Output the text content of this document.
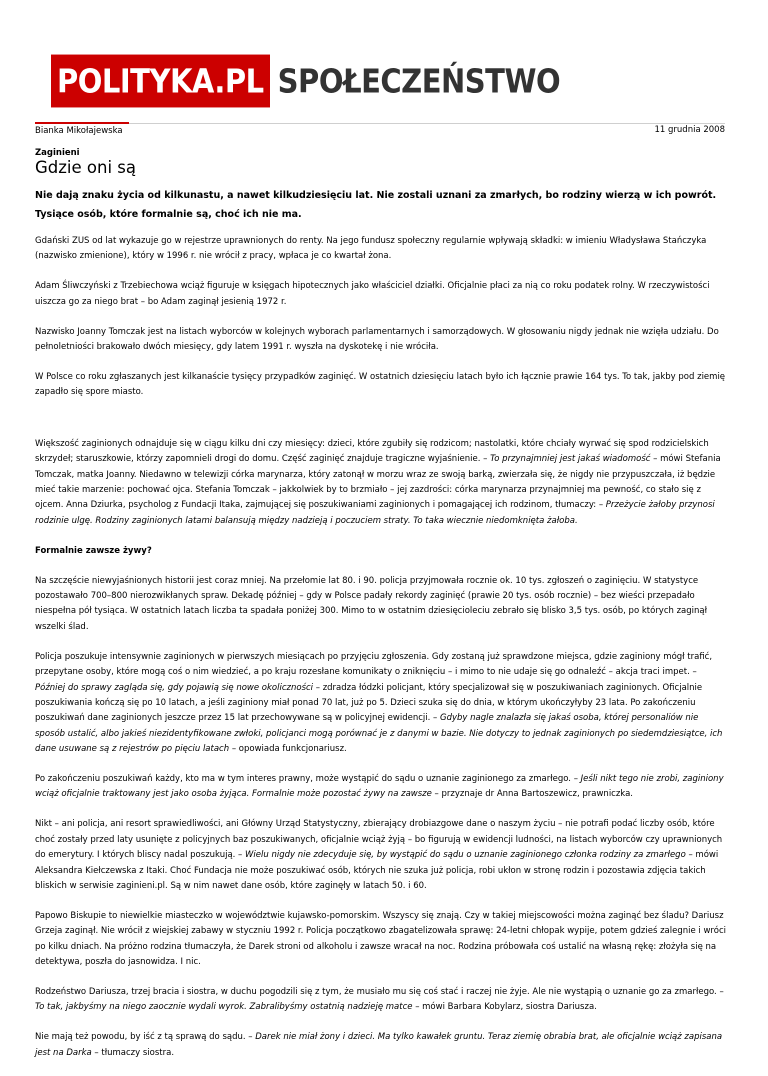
POLITYKA.PL SPOŁECZEŃSTWO
Bianka Mikołajewska	11 grudnia 2008
Zaginieni
Gdzie oni są

Nie dają znaku życia od kilkunastu, a nawet kilkudziesięciu lat. Nie zostali uznani za zmarłych, bo rodziny wierzą w ich powrót. Tysiące osób, które formalnie są, choć ich nie ma.

Gdański ZUS od lat wykazuje go w rejestrze uprawnionych do renty. Na jego fundusz społeczny regularnie wpływają składki: w imieniu Władysława Stańczyka (nazwisko zmienione), który w 1996 r. nie wrócił z pracy, wpłaca je co kwartał żona.

Adam Śliwczyński z Trzebiechowa wciąż figuruje w księgach hipotecznych jako właściciel działki. Oficjalnie płaci za nią co roku podatek rolny. W rzeczywistości uiszcza go za niego brat – bo Adam zaginął jesienią 1972 r.

Nazwisko Joanny Tomczak jest na listach wyborców w kolejnych wyborach parlamentarnych i samorządowych. W głosowaniu nigdy jednak nie wzięła udziału. Do pełnoletniości brakowało dwóch miesięcy, gdy latem 1991 r. wyszła na dyskotekę i nie wróciła.

W Polsce co roku zgłaszanych jest kilkanaście tysięcy przypadków zaginięć. W ostatnich dziesięciu latach było ich łącznie prawie 164 tys. To tak, jakby pod ziemię zapadło się spore miasto.

Większość zaginionych odnajduje się w ciągu kilku dni czy miesięcy: dzieci, które zgubiły się rodzicom; nastolatki, które chciały wyrwać się spod rodzicielskich skrzydeł; staruszkowie, którzy zapomnieli drogi do domu. Część zaginięć znajduje tragiczne wyjaśnienie. – To przynajmniej jest jakaś wiadomość – mówi Stefania Tomczak, matka Joanny. Niedawno w telewizji córka marynarza, który zatonął w morzu wraz ze swoją barką, zwierzała się, że nigdy nie przypuszczała, iż będzie mieć takie marzenie: pochować ojca. Stefania Tomczak – jakkolwiek by to brzmiało – jej zazdrości: córka marynarza przynajmniej ma pewność, co stało się z ojcem. Anna Dziurka, psycholog z Fundacji Itaka, zajmującej się poszukiwaniami zaginionych i pomagającej ich rodzinom, tłumaczy: – Przeżycie żałoby przynosi rodzinie ulgę. Rodziny zaginionych latami balansują między nadzieją i poczuciem straty. To taka wiecznie niedomknięta żałoba.

Formalnie zawsze żywy?

Na szczęście niewyjaśnionych historii jest coraz mniej. Na przełomie lat 80. i 90. policja przyjmowała rocznie ok. 10 tys. zgłoszeń o zaginięciu. W statystyce pozostawało 700–800 nierozwikłanych spraw. Dekadę później – gdy w Polsce padały rekordy zaginięć (prawie 20 tys. osób rocznie) – bez wieści przepadało niespełna pół tysiąca. W ostatnich latach liczba ta spadała poniżej 300. Mimo to w ostatnim dziesięcioleciu zebrało się blisko 3,5 tys. osób, po których zaginął wszelki ślad.

Policja poszukuje intensywnie zaginionych w pierwszych miesiącach po przyjęciu zgłoszenia. Gdy zostaną już sprawdzone miejsca, gdzie zaginiony mógł trafić, przepytane osoby, które mogą coś o nim wiedzieć, a po kraju rozesłane komunikaty o zniknięciu – i mimo to nie udaje się go odnaleźć – akcja traci impet. – Później do sprawy zagląda się, gdy pojawią się nowe okoliczności – zdradza łódzki policjant, który specjalizował się w poszukiwaniach zaginionych. Oficjalnie poszukiwania kończą się po 10 latach, a jeśli zaginiony miał ponad 70 lat, już po 5. Dzieci szuka się do dnia, w którym ukończyłyby 23 lata. Po zakończeniu poszukiwań dane zaginionych jeszcze przez 15 lat przechowywane są w policyjnej ewidencji. – Gdyby nagle znalazła się jakaś osoba, której personaliów nie sposób ustalić, albo jakieś niezidentyfikowane zwłoki, policjanci mogą porównać je z danymi w bazie. Nie dotyczy to jednak zaginionych po siedemdziesiątce, ich dane usuwane są z rejestrów po pięciu latach – opowiada funkcjonariusz.

Po zakończeniu poszukiwań każdy, kto ma w tym interes prawny, może wystąpić do sądu o uznanie zaginionego za zmarłego. – Jeśli nikt tego nie zrobi, zaginiony wciąż oficjalnie traktowany jest jako osoba żyjąca. Formalnie może pozostać żywy na zawsze – przyznaje dr Anna Bartoszewicz, prawniczka.

Nikt – ani policja, ani resort sprawiedliwości, ani Główny Urząd Statystyczny, zbierający drobiazgowe dane o naszym życiu – nie potrafi podać liczby osób, które choć zostały przed laty usunięte z policyjnych baz poszukiwanych, oficjalnie wciąż żyją – bo figurują w ewidencji ludności, na listach wyborców czy uprawnionych do emerytury. I których bliscy nadal poszukują. – Wielu nigdy nie zdecyduje się, by wystąpić do sądu o uznanie zaginionego członka rodziny za zmarłego – mówi Aleksandra Kiełczewska z Itaki. Choć Fundacja nie może poszukiwać osób, których nie szuka już policja, robi ukłon w stronę rodzin i pozostawia zdjęcia takich bliskich w serwisie zaginieni.pl. Są w nim nawet dane osób, które zaginęły w latach 50. i 60.

Papowo Biskupie to niewielkie miasteczko w województwie kujawsko-pomorskim. Wszyscy się znają. Czy w takiej miejscowości można zaginąć bez śladu? Dariusz Grzeja zaginął. Nie wrócił z wiejskiej zabawy w styczniu 1992 r. Policja początkowo zbagatelizowała sprawę: 24-letni chłopak wypije, potem gdzieś zalegnie i wróci po kilku dniach. Na próżno rodzina tłumaczyła, że Darek stroni od alkoholu i zawsze wracał na noc. Rodzina próbowała coś ustalić na własną rękę: złożyła się na detektywa, poszła do jasnowidza. I nic.

Rodzeństwo Dariusza, trzej bracia i siostra, w duchu pogodzili się z tym, że musiało mu się coś stać i raczej nie żyje. Ale nie wystąpią o uznanie go za zmarłego. – To tak, jakbyśmy na niego zaocznie wydali wyrok. Zabralibyśmy ostatnią nadzieję matce – mówi Barbara Kobylarz, siostra Dariusza.

Nie mają też powodu, by iść z tą sprawą do sądu. – Darek nie miał żony i dzieci. Ma tylko kawałek gruntu. Teraz ziemię obrabia brat, ale oficjalnie wciąż zapisana jest na Darka – tłumaczy siostra.
